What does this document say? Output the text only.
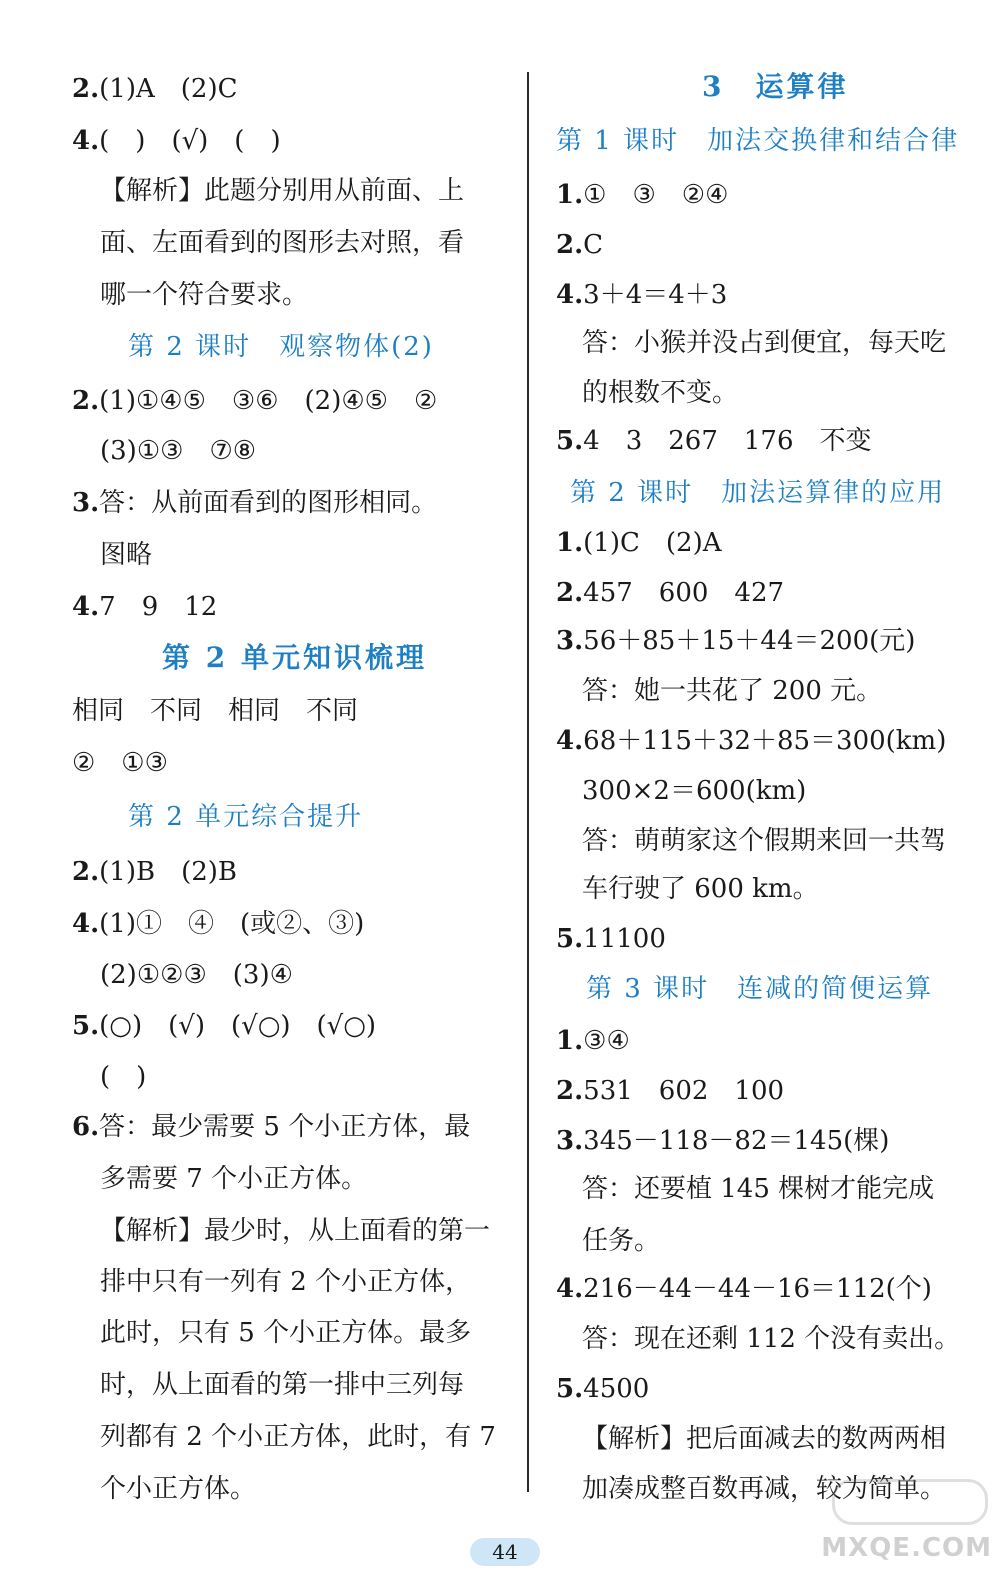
2.(1)A　(2)C
4.(　)　(√)　(　)
【解析】此题分别用从前面、上
面、左面看到的图形去对照，看
哪一个符合要求。
第 2 课时　观察物体(2)
2.(1)①④⑤　③⑥　(2)④⑤　②
(3)①③　⑦⑧
3.答：从前面看到的图形相同。
图略
4.7　9　12
第 2 单元知识梳理
相同　不同　相同　不同
②　①③
第 2 单元综合提升
2.(1)B　(2)B
4.(1)①　④　(或②、③)
(2)①②③　(3)④
5.(○)　(√)　(√○)　(√○)
(　)
6.答：最少需要 5 个小正方体，最
多需要 7 个小正方体。
【解析】最少时，从上面看的第一
排中只有一列有 2 个小正方体，
此时，只有 5 个小正方体。最多
时，从上面看的第一排中三列每
列都有 2 个小正方体，此时，有 7
个小正方体。
3　运算律
第 1 课时　加法交换律和结合律
1.①　③　②④
2.C
4.3＋4＝4＋3
答：小猴并没占到便宜，每天吃
的根数不变。
5.4　3　267　176　不变
第 2 课时　加法运算律的应用
1.(1)C　(2)A
2.457　600　427
3.56＋85＋15＋44＝200(元)
答：她一共花了 200 元。
4.68＋115＋32＋85＝300(km)
300×2＝600(km)
答：萌萌家这个假期来回一共驾
车行驶了 600 km。
5.11100
第 3 课时　连减的简便运算
1.③④
2.531　602　100
3.345－118－82＝145(棵)
答：还要植 145 棵树才能完成
任务。
4.216－44－44－16＝112(个)
答：现在还剩 112 个没有卖出。
5.4500
【解析】把后面减去的数两两相
加凑成整百数再减，较为简单。
44	MXQE.COM
